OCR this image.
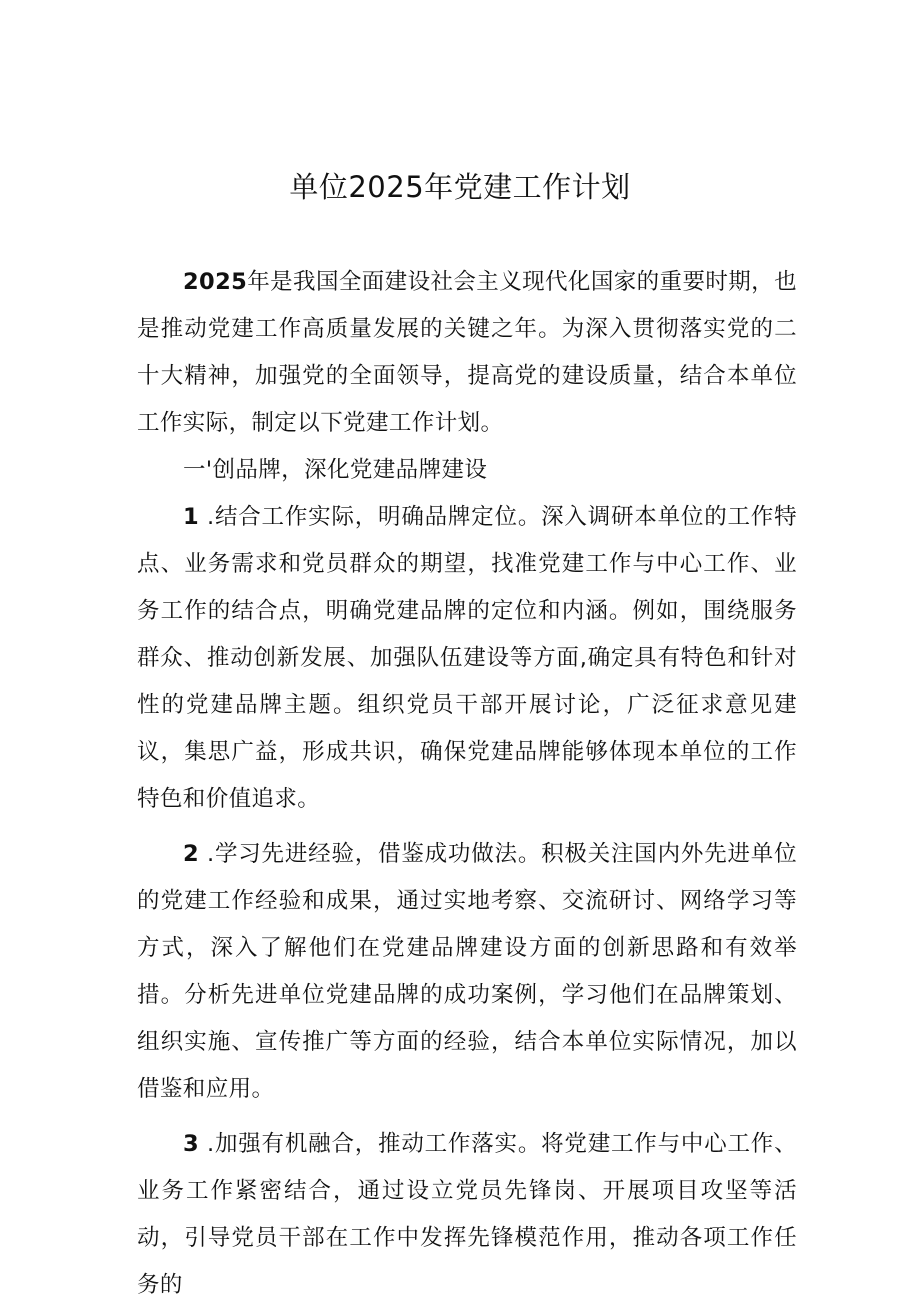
单位2025年党建工作计划

2025年是我国全面建设社会主义现代化国家的重要时期，也是推动党建工作高质量发展的关键之年。为深入贯彻落实党的二十大精神，加强党的全面领导，提高党的建设质量，结合本单位工作实际，制定以下党建工作计划。

一'创品牌，深化党建品牌建设

1 .结合工作实际，明确品牌定位。深入调研本单位的工作特点、业务需求和党员群众的期望，找准党建工作与中心工作、业务工作的结合点，明确党建品牌的定位和内涵。例如，围绕服务群众、推动创新发展、加强队伍建设等方面,确定具有特色和针对性的党建品牌主题。组织党员干部开展讨论，广泛征求意见建议，集思广益，形成共识，确保党建品牌能够体现本单位的工作特色和价值追求。

2 .学习先进经验，借鉴成功做法。积极关注国内外先进单位的党建工作经验和成果，通过实地考察、交流研讨、网络学习等方式，深入了解他们在党建品牌建设方面的创新思路和有效举措。分析先进单位党建品牌的成功案例，学习他们在品牌策划、组织实施、宣传推广等方面的经验，结合本单位实际情况，加以借鉴和应用。

3 .加强有机融合，推动工作落实。将党建工作与中心工作、业务工作紧密结合，通过设立党员先锋岗、开展项目攻坚等活动，引导党员干部在工作中发挥先锋模范作用，推动各项工作任务的
